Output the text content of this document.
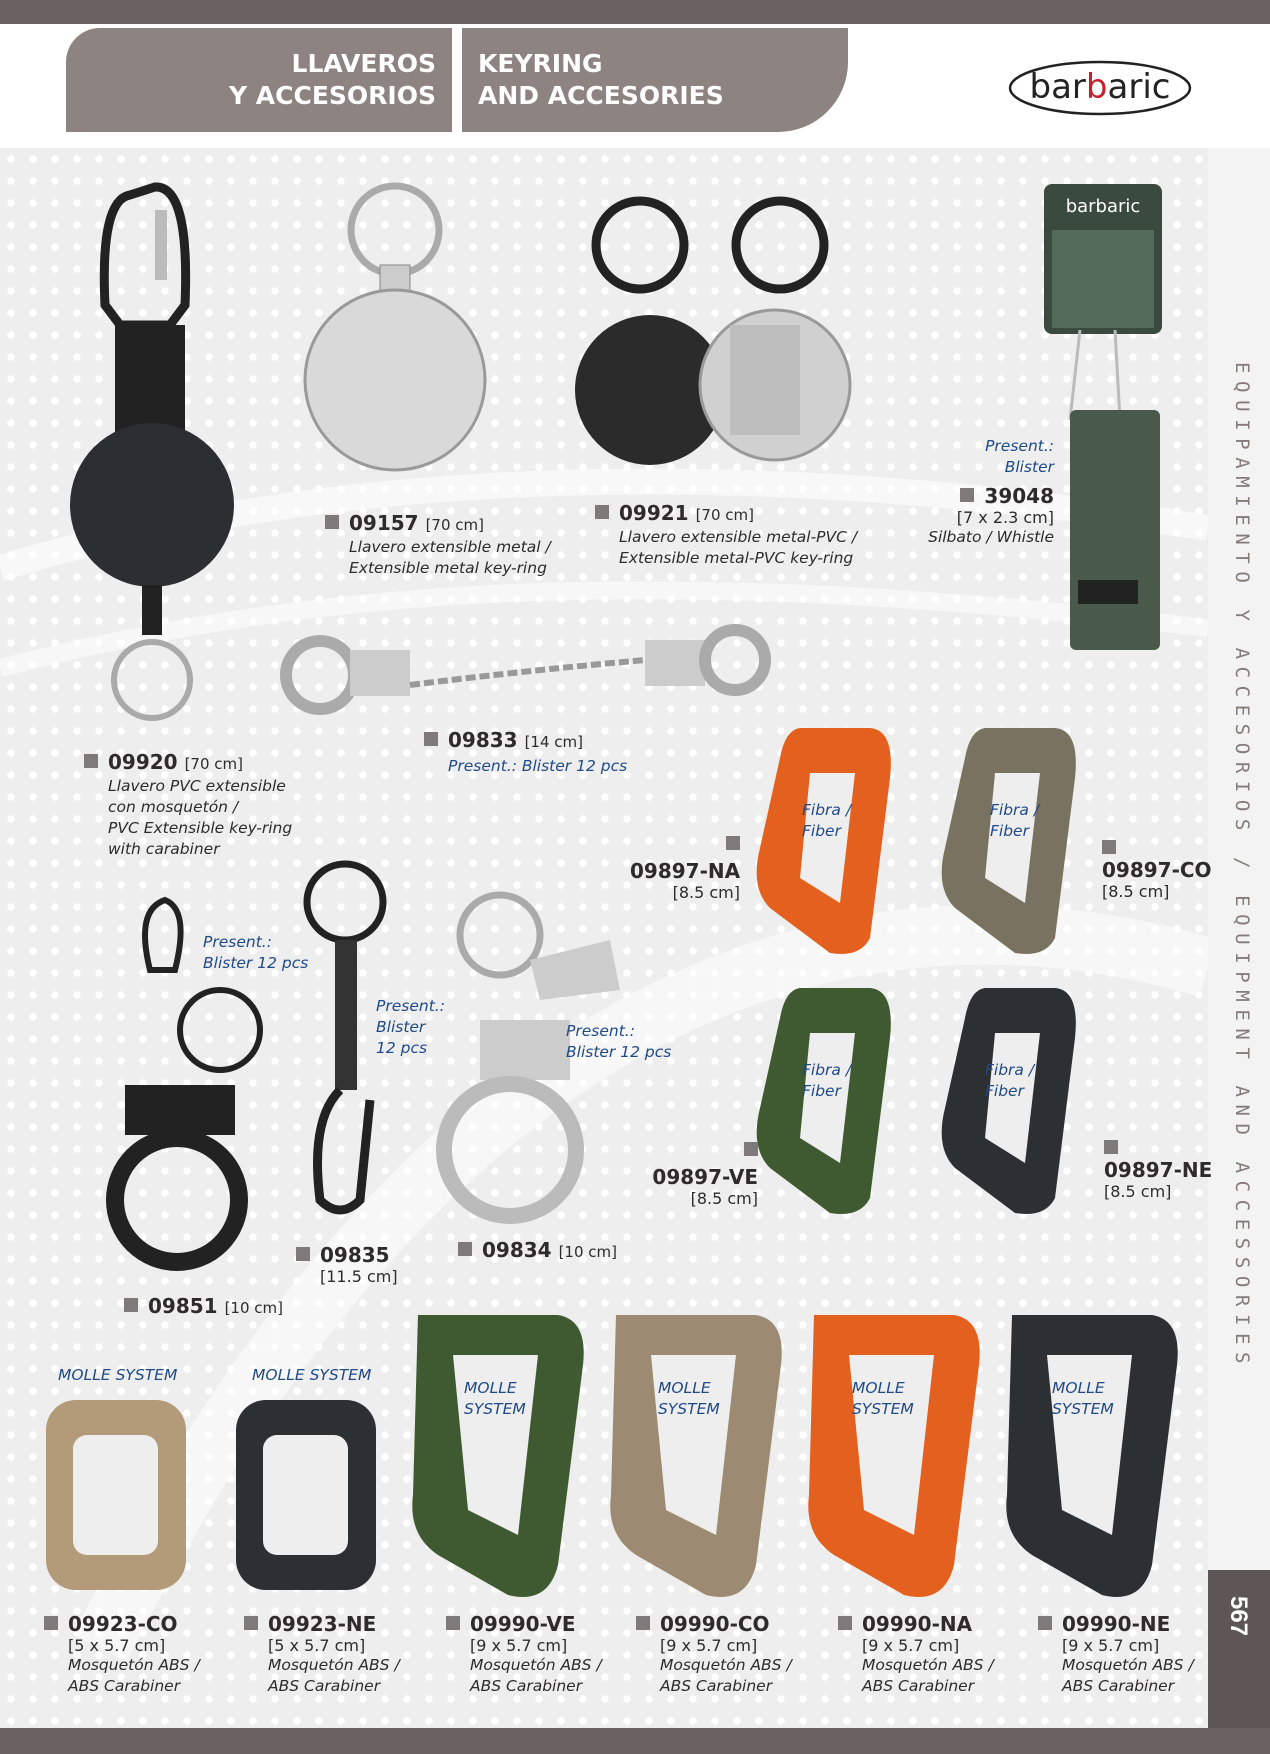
LLAVEROS
Y ACCESORIOS
KEYRING
AND ACCESORIES	barbaric
EQUIPAMIENTO Y ACCESORIOS / EQUIPMENT AND ACCESSORIES
barbaric
09920 [70 cm]
Llavero PVC extensible
con mosquetón /
PVC Extensible key-ring
with carabiner
09157 [70 cm]
Llavero extensible metal /
Extensible metal key-ring
09921 [70 cm]
Llavero extensible metal-PVC /
Extensible metal-PVC key-ring
Present.:
Blister
39048
[7 x 2.3 cm]
Silbato / Whistle
09833 [14 cm]
Present.: Blister 12 pcs
09897-NA
[8.5 cm]
Fibra /
Fiber
09897-CO
[8.5 cm]
Fibra /
Fiber
09897-VE
[8.5 cm]
Fibra /
Fiber
09897-NE
[8.5 cm]
Fibra /
Fiber
Present.:
Blister 12 pcs
09851 [10 cm]
Present.:
Blister
12 pcs
09835
[11.5 cm]
Present.:
Blister 12 pcs
09834 [10 cm]
MOLLE SYSTEM	MOLLE SYSTEM
MOLLE
SYSTEM
MOLLE
SYSTEM
MOLLE
SYSTEM
MOLLE
SYSTEM
09923-CO
[5 x 5.7 cm]
Mosquetón ABS /
ABS Carabiner
09923-NE
[5 x 5.7 cm]
Mosquetón ABS /
ABS Carabiner
09990-VE
[9 x 5.7 cm]
Mosquetón ABS /
ABS Carabiner
09990-CO
[9 x 5.7 cm]
Mosquetón ABS /
ABS Carabiner
09990-NA
[9 x 5.7 cm]
Mosquetón ABS /
ABS Carabiner
09990-NE
[9 x 5.7 cm]
Mosquetón ABS /
ABS Carabiner
